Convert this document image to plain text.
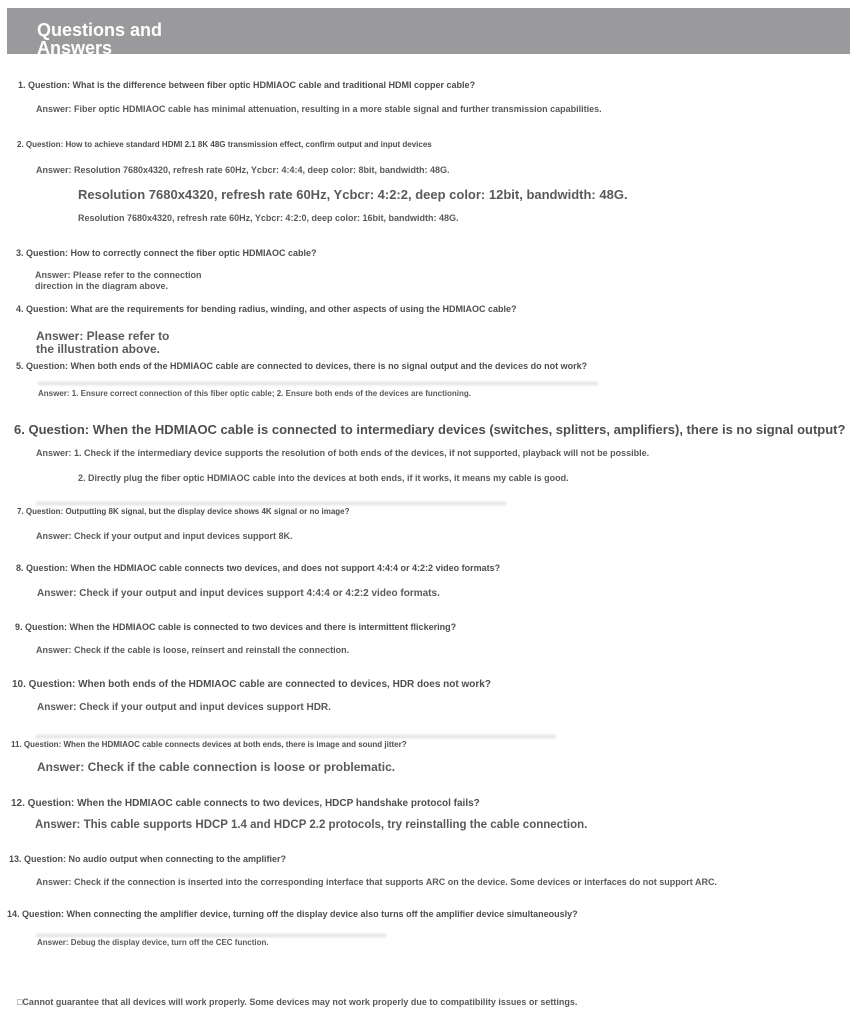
Questions and
Answers
1. Question: What is the difference between fiber optic HDMIAOC cable and traditional HDMI copper cable?
Answer: Fiber optic HDMIAOC cable has minimal attenuation, resulting in a more stable signal and further transmission capabilities.
2. Question: How to achieve standard HDMI 2.1 8K 48G transmission effect, confirm output and input devices
Answer: Resolution 7680x4320, refresh rate 60Hz, Ycbcr: 4:4:4, deep color: 8bit, bandwidth: 48G.
Resolution 7680x4320, refresh rate 60Hz, Ycbcr: 4:2:2, deep color: 12bit, bandwidth: 48G.
Resolution 7680x4320, refresh rate 60Hz, Ycbcr: 4:2:0, deep color: 16bit, bandwidth: 48G.
3. Question: How to correctly connect the fiber optic HDMIAOC cable?
Answer: Please refer to the connection
direction in the diagram above.
4. Question: What are the requirements for bending radius, winding, and other aspects of using the HDMIAOC cable?
Answer: Please refer to
the illustration above.
5. Question: When both ends of the HDMIAOC cable are connected to devices, there is no signal output and the devices do not work?
Answer: 1. Ensure correct connection of this fiber optic cable; 2. Ensure both ends of the devices are functioning.
6. Question: When the HDMIAOC cable is connected to intermediary devices (switches, splitters, amplifiers), there is no signal output?
Answer: 1. Check if the intermediary device supports the resolution of both ends of the devices, if not supported, playback will not be possible.
2. Directly plug the fiber optic HDMIAOC cable into the devices at both ends, if it works, it means my cable is good.
7. Question: Outputting 8K signal, but the display device shows 4K signal or no image?
Answer: Check if your output and input devices support 8K.
8. Question: When the HDMIAOC cable connects two devices, and does not support 4:4:4 or 4:2:2 video formats?
Answer: Check if your output and input devices support 4:4:4 or 4:2:2 video formats.
9. Question: When the HDMIAOC cable is connected to two devices and there is intermittent flickering?
Answer: Check if the cable is loose, reinsert and reinstall the connection.
10. Question: When both ends of the HDMIAOC cable are connected to devices, HDR does not work?
Answer: Check if your output and input devices support HDR.
11. Question: When the HDMIAOC cable connects devices at both ends, there is image and sound jitter?
Answer: Check if the cable connection is loose or problematic.
12. Question: When the HDMIAOC cable connects to two devices, HDCP handshake protocol fails?
Answer: This cable supports HDCP 1.4 and HDCP 2.2 protocols, try reinstalling the cable connection.
13. Question: No audio output when connecting to the amplifier?
Answer: Check if the connection is inserted into the corresponding interface that supports ARC on the device. Some devices or interfaces do not support ARC.
14. Question: When connecting the amplifier device, turning off the display device also turns off the amplifier device simultaneously?
Answer: Debug the display device, turn off the CEC function.
□Cannot guarantee that all devices will work properly. Some devices may not work properly due to compatibility issues or settings.
